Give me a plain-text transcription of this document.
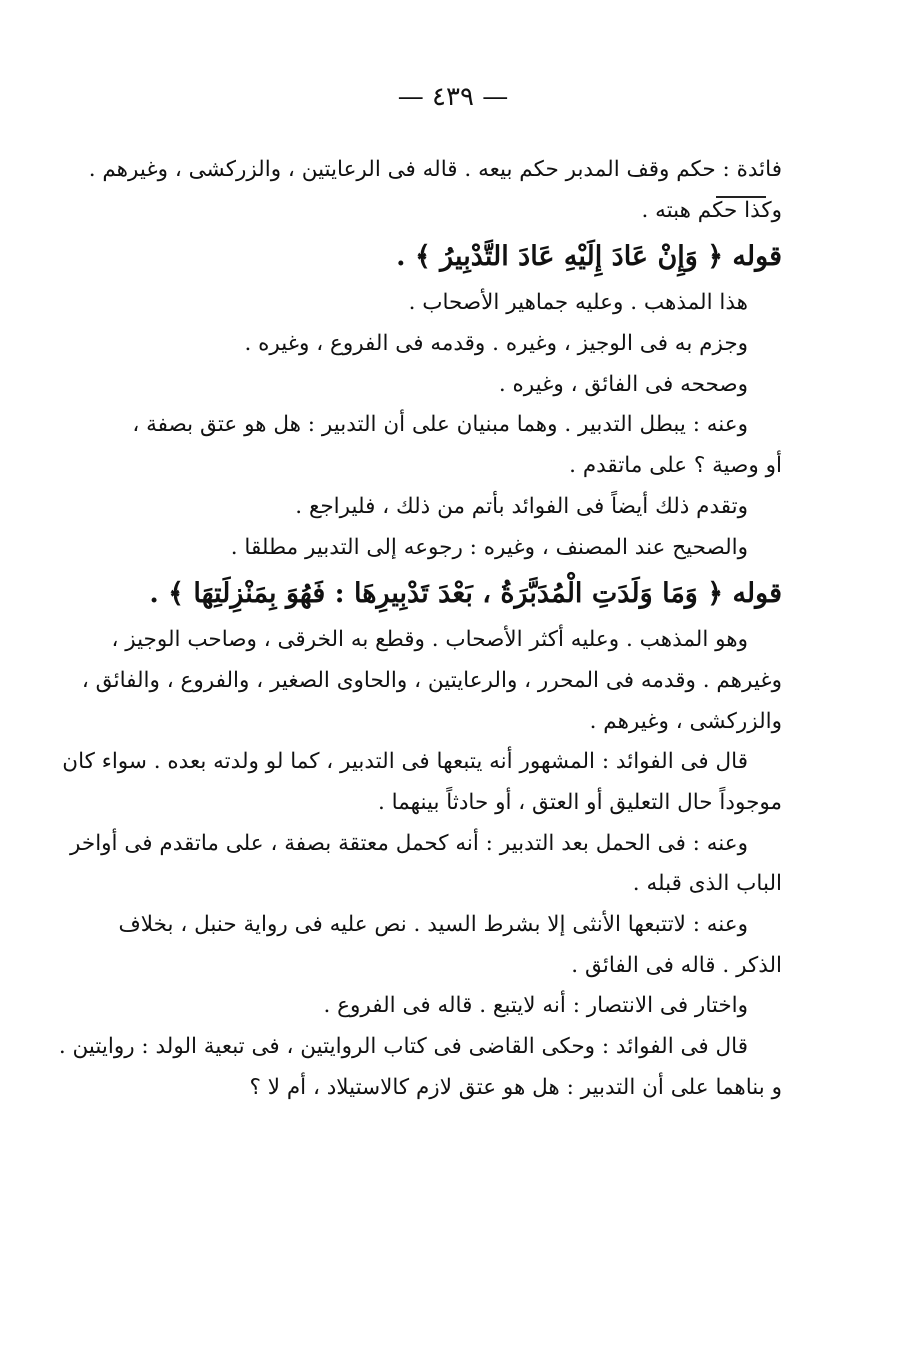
— ٤٣٩ —
فائدة : حكم وقف المدبر حكم بيعه . قاله فى الرعايتين ، والزركشى ، وغيرهم .
وكذا حكم هبته .
قوله ﴿ وَإِنْ عَادَ إِلَيْهِ عَادَ التَّدْبِيرُ ﴾ .
هذا المذهب . وعليه جماهير الأصحاب .
وجزم به فى الوجيز ، وغيره . وقدمه فى الفروع ، وغيره .
وصححه فى الفائق ، وغيره .
وعنه : يبطل التدبير . وهما مبنيان على أن التدبير : هل هو عتق بصفة ،
أو وصية ؟ على ماتقدم .
وتقدم ذلك أيضاً فى الفوائد بأتم من ذلك ، فليراجع .
والصحيح عند المصنف ، وغيره : رجوعه إلى التدبير مطلقا .
قوله ﴿ وَمَا وَلَدَتِ الْمُدَبَّرَةُ ، بَعْدَ تَدْبِيرِهَا : فَهُوَ بِمَنْزِلَتِهَا ﴾ .
وهو المذهب . وعليه أكثر الأصحاب . وقطع به الخرقى ، وصاحب الوجيز ،
وغيرهم . وقدمه فى المحرر ، والرعايتين ، والحاوى الصغير ، والفروع ، والفائق ،
والزركشى ، وغيرهم .
قال فى الفوائد : المشهور أنه يتبعها فى التدبير ، كما لو ولدته بعده . سواء كان
موجوداً حال التعليق أو العتق ، أو حادثاً بينهما .
وعنه : فى الحمل بعد التدبير : أنه كحمل معتقة بصفة ، على ماتقدم فى أواخر
الباب الذى قبله .
وعنه : لاتتبعها الأنثى إلا بشرط السيد . نص عليه فى رواية حنبل ، بخلاف
الذكر . قاله فى الفائق .
واختار فى الانتصار : أنه لايتبع . قاله فى الفروع .
قال فى الفوائد : وحكى القاضى فى كتاب الروايتين ، فى تبعية الولد : روايتين .
و بناهما على أن التدبير : هل هو عتق لازم كالاستيلاد ، أم لا ؟
